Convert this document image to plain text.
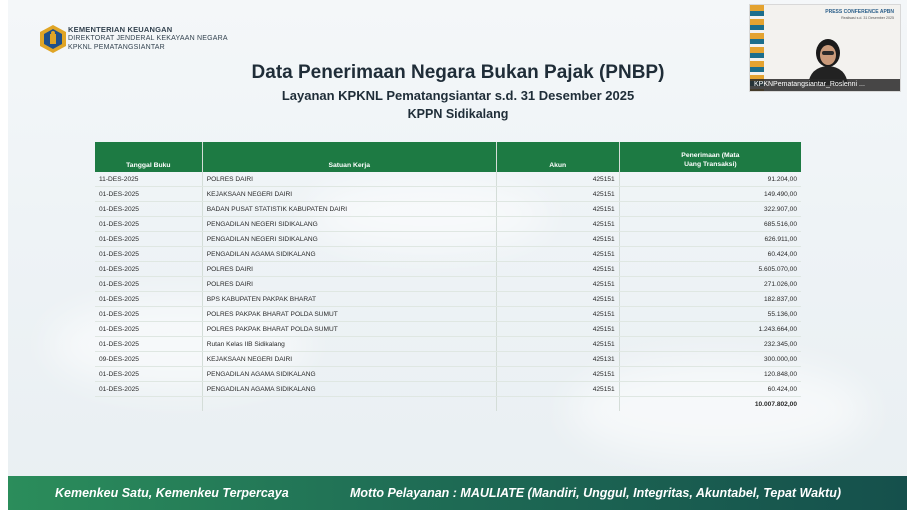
KEMENTERIAN KEUANGAN
DIREKTORAT JENDERAL KEKAYAAN NEGARA
KPKNL PEMATANGSIANTAR
Data Penerimaan Negara Bukan Pajak (PNBP)
Layanan KPKNL Pematangsiantar s.d. 31 Desember 2025
KPPN Sidikalang
Tanggal Buku	Satuan Kerja	Akun	Penerimaan (Mata
Uang Transaksi)
11-DES-2025	POLRES DAIRI	425151	91.204,00
01-DES-2025	KEJAKSAAN NEGERI DAIRI	425151	149.490,00
01-DES-2025	BADAN PUSAT STATISTIK KABUPATEN DAIRI	425151	322.907,00
01-DES-2025	PENGADILAN NEGERI SIDIKALANG	425151	685.516,00
01-DES-2025	PENGADILAN NEGERI SIDIKALANG	425151	626.911,00
01-DES-2025	PENGADILAN AGAMA SIDIKALANG	425151	60.424,00
01-DES-2025	POLRES DAIRI	425151	5.605.070,00
01-DES-2025	POLRES DAIRI	425151	271.026,00
01-DES-2025	BPS KABUPATEN PAKPAK BHARAT	425151	182.837,00
01-DES-2025	POLRES PAKPAK BHARAT POLDA SUMUT	425151	55.136,00
01-DES-2025	POLRES PAKPAK BHARAT POLDA SUMUT	425151	1.243.664,00
01-DES-2025	Rutan Kelas IIB Sidikalang	425151	232.345,00
09-DES-2025	KEJAKSAAN NEGERI DAIRI	425131	300.000,00
01-DES-2025	PENGADILAN AGAMA SIDIKALANG	425151	120.848,00
01-DES-2025	PENGADILAN AGAMA SIDIKALANG	425151	60.424,00
			10.007.802,00
Kemenkeu Satu, Kemenkeu Terpercaya	Motto Pelayanan : MAULIATE (Mandiri, Unggul, Integritas, Akuntabel, Tepat Waktu)
PRESS CONFERENCE APBN
Realisasi s.d. 31 Desember 2025
KPKNPematangsiantar_Roslenni ...
